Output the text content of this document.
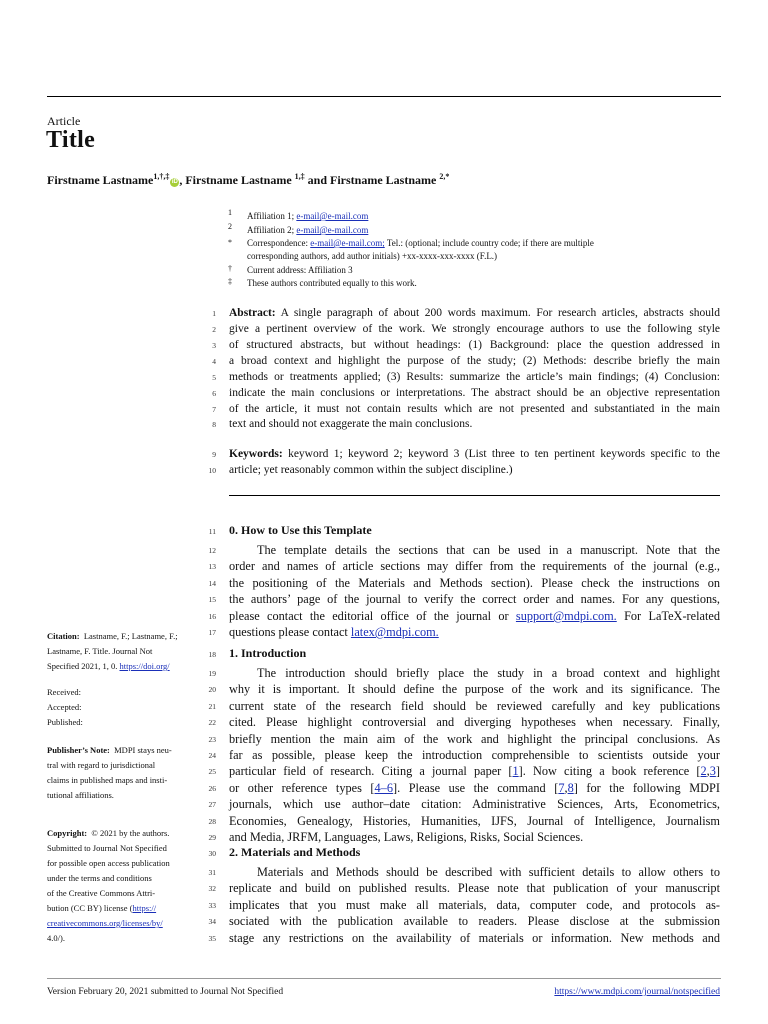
Article
Title
Firstname Lastname$^{1,\dagger,\ddagger}$iD , Firstname Lastname $^{1,\ddagger}$ and Firstname Lastname $^{2,*}$
1	Affiliation 1; e-mail@e-mail.com
2	Affiliation 2; e-mail@e-mail.com
*	Correspondence: e-mail@e-mail.com; Tel.: (optional; include country code; if there are multiple
corresponding authors, add author initials) +xx-xxxx-xxx-xxxx (F.L.)
†	Current address: Affiliation 3
‡	These authors contributed equally to this work.
1 Abstract: A single paragraph of about 200 words maximum. For research articles, abstracts should
2 give a pertinent overview of the work. We strongly encourage authors to use the following style
3 of structured abstracts, but without headings: (1) Background: place the question addressed in
4 a broad context and highlight the purpose of the study; (2) Methods: describe briefly the main
5 methods or treatments applied; (3) Results: summarize the article’s main findings; (4) Conclusion:
6 indicate the main conclusions or interpretations. The abstract should be an objective representation
7 of the article, it must not contain results which are not presented and substantiated in the main
8 text and should not exaggerate the main conclusions.
9 Keywords: keyword 1; keyword 2; keyword 3 (List three to ten pertinent keywords specific to the
10 article; yet reasonably common within the subject discipline.)
11 0. How to Use this Template
12	The template details the sections that can be used in a manuscript. Note that the
13 order and names of article sections may differ from the requirements of the journal (e.g.,
14 the positioning of the Materials and Methods section). Please check the instructions on
15 the authors’ page of the journal to verify the correct order and names. For any questions,
16 please contact the editorial office of the journal or support@mdpi.com. For LaTeX-related
17 questions please contact latex@mdpi.com.
18 1. Introduction
19	The introduction should briefly place the study in a broad context and highlight
20 why it is important. It should define the purpose of the work and its significance. The
21 current state of the research field should be reviewed carefully and key publications
22 cited. Please highlight controversial and diverging hypotheses when necessary. Finally,
23 briefly mention the main aim of the work and highlight the principal conclusions. As
24 far as possible, please keep the introduction comprehensible to scientists outside your
25 particular field of research. Citing a journal paper [1]. Now citing a book reference [2,3]
26 or other reference types [4–6]. Please use the command [7,8] for the following MDPI
27 journals, which use author–date citation: Administrative Sciences, Arts, Econometrics,
28 Economies, Genealogy, Histories, Humanities, IJFS, Journal of Intelligence, Journalism
29 and Media, JRFM, Languages, Laws, Religions, Risks, Social Sciences.
30 2. Materials and Methods
31	Materials and Methods should be described with sufficient details to allow others to
32 replicate and build on published results. Please note that publication of your manuscript
33 implicates that you must make all materials, data, computer code, and protocols as-
34 sociated with the publication available to readers. Please disclose at the submission
35 stage any restrictions on the availability of materials or information. New methods and
Citation: Lastname, F.; Lastname, F.;
Lastname, F. Title. Journal Not
Specified 2021, 1, 0. https://doi.org/
Received:
Accepted:
Published:
Publisher’s Note: MDPI stays neu-
tral with regard to jurisdictional
claims in published maps and insti-
tutional affiliations.
Copyright: © 2021 by the authors.
Submitted to Journal Not Specified
for possible open access publication
under the terms and conditions
of the Creative Commons Attri-
bution (CC BY) license (https://
creativecommons.org/licenses/by/
4.0/).
Version February 20, 2021 submitted to Journal Not Specified	https://www.mdpi.com/journal/notspecified
